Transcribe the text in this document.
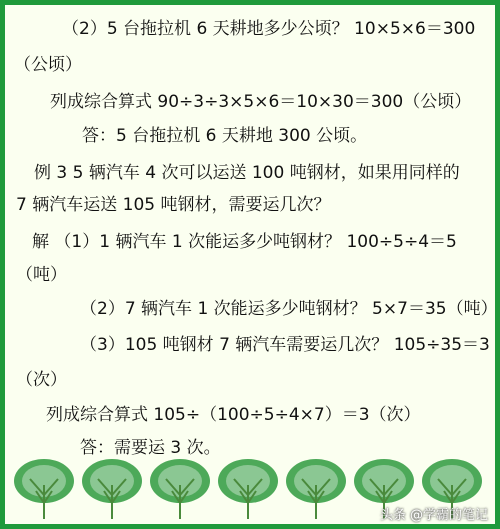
（2）5 台拖拉机 6 天耕地多少公顷？ 10×5×6＝300
（公顷）
列成综合算式 90÷3÷3×5×6＝10×30＝300（公顷）
答：5 台拖拉机 6 天耕地 300 公顷。
例 3 5 辆汽车 4 次可以运送 100 吨钢材，如果用同样的
7 辆汽车运送 105 吨钢材，需要运几次？
解 （1）1 辆汽车 1 次能运多少吨钢材？ 100÷5÷4＝5
（吨）
（2）7 辆汽车 1 次能运多少吨钢材？ 5×7＝35（吨）
（3）105 吨钢材 7 辆汽车需要运几次？ 105÷35＝3
（次）
列成综合算式 105÷（100÷5÷4×7）＝3（次）
答：需要运 3 次。
头条 @学霸的笔记
